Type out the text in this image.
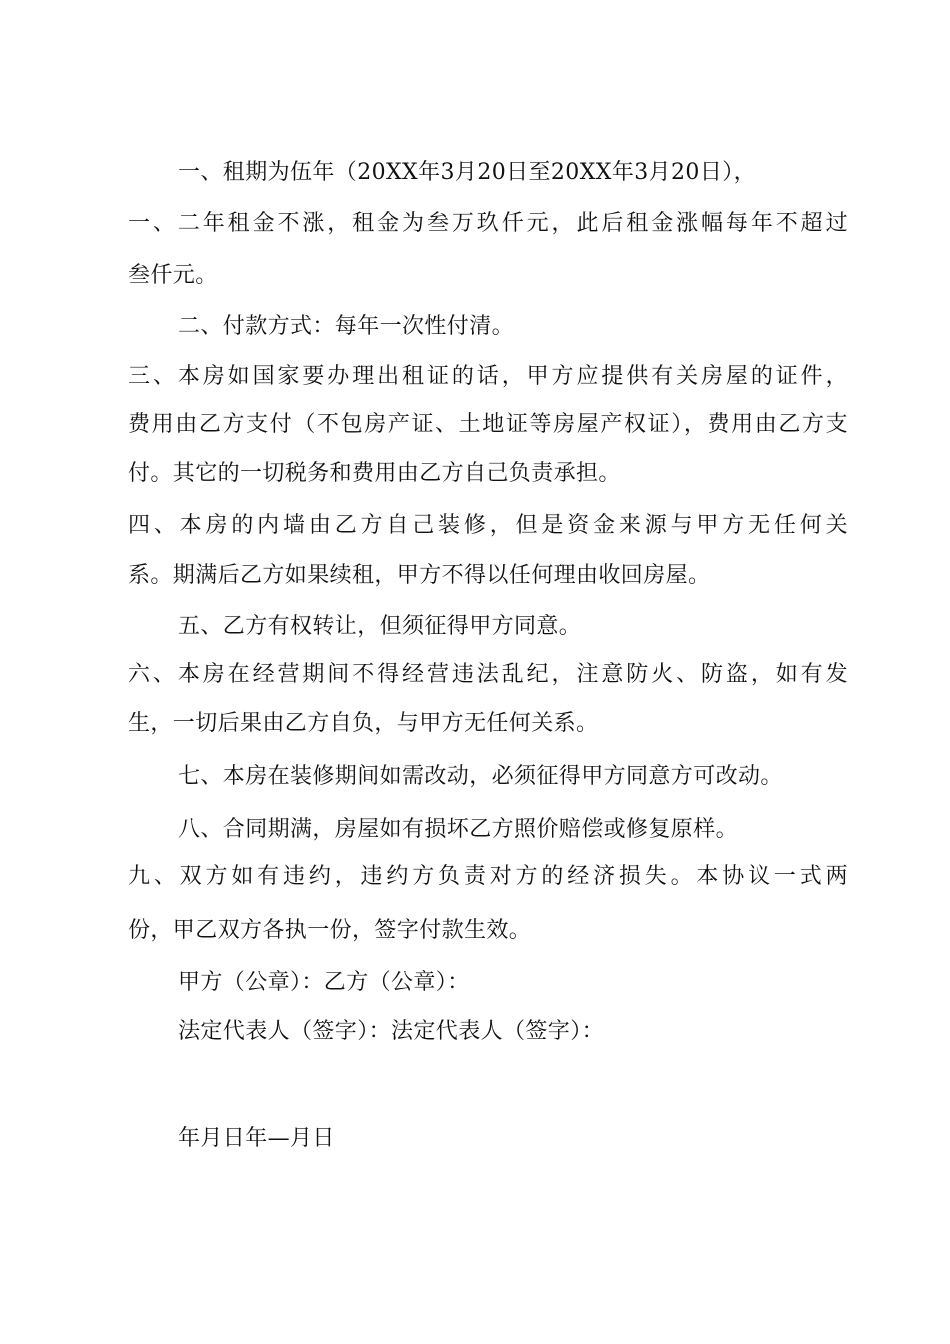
一、租期为伍年（20XX年3月20日至20XX年3月20日），
一、二年租金不涨，租金为叁万玖仟元，此后租金涨幅每年不超过
叁仟元。
二、付款方式：每年一次性付清。
三、本房如国家要办理出租证的话，甲方应提供有关房屋的证件，
费用由乙方支付（不包房产证、土地证等房屋产权证），费用由乙方支
付。其它的一切税务和费用由乙方自己负责承担。
四、本房的内墙由乙方自己装修，但是资金来源与甲方无任何关
系。期满后乙方如果续租，甲方不得以任何理由收回房屋。
五、乙方有权转让，但须征得甲方同意。
六、本房在经营期间不得经营违法乱纪，注意防火、防盗，如有发
生，一切后果由乙方自负，与甲方无任何关系。
七、本房在装修期间如需改动，必须征得甲方同意方可改动。
八、合同期满，房屋如有损坏乙方照价赔偿或修复原样。
九、双方如有违约，违约方负责对方的经济损失。本协议一式两
份，甲乙双方各执一份，签字付款生效。
甲方（公章）：乙方（公章）：
法定代表人（签字）：法定代表人（签字）：
年月日年—月日
